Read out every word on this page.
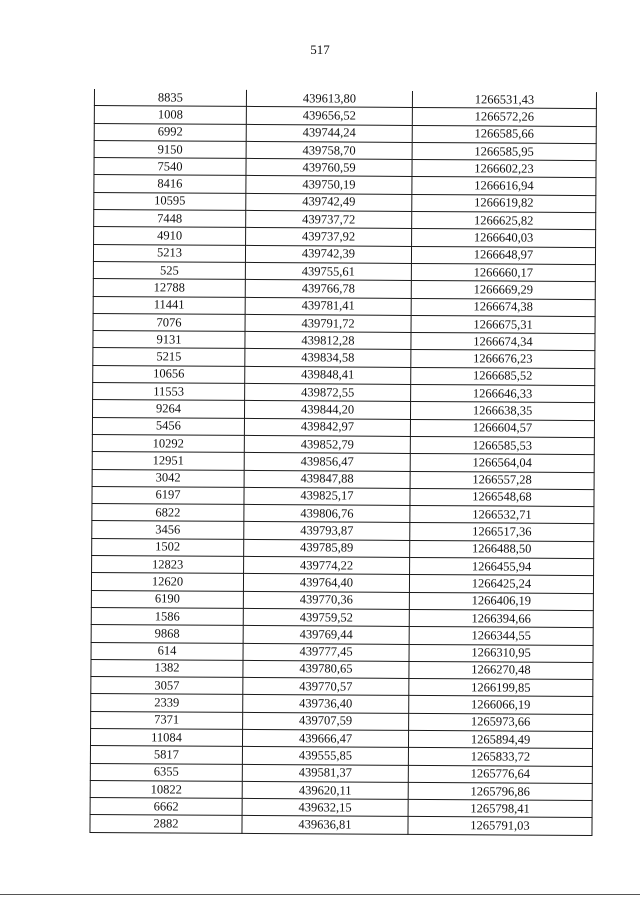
517
8835	439613,80	1266531,43
1008	439656,52	1266572,26
6992	439744,24	1266585,66
9150	439758,70	1266585,95
7540	439760,59	1266602,23
8416	439750,19	1266616,94
10595	439742,49	1266619,82
7448	439737,72	1266625,82
4910	439737,92	1266640,03
5213	439742,39	1266648,97
525	439755,61	1266660,17
12788	439766,78	1266669,29
11441	439781,41	1266674,38
7076	439791,72	1266675,31
9131	439812,28	1266674,34
5215	439834,58	1266676,23
10656	439848,41	1266685,52
11553	439872,55	1266646,33
9264	439844,20	1266638,35
5456	439842,97	1266604,57
10292	439852,79	1266585,53
12951	439856,47	1266564,04
3042	439847,88	1266557,28
6197	439825,17	1266548,68
6822	439806,76	1266532,71
3456	439793,87	1266517,36
1502	439785,89	1266488,50
12823	439774,22	1266455,94
12620	439764,40	1266425,24
6190	439770,36	1266406,19
1586	439759,52	1266394,66
9868	439769,44	1266344,55
614	439777,45	1266310,95
1382	439780,65	1266270,48
3057	439770,57	1266199,85
2339	439736,40	1266066,19
7371	439707,59	1265973,66
11084	439666,47	1265894,49
5817	439555,85	1265833,72
6355	439581,37	1265776,64
10822	439620,11	1265796,86
6662	439632,15	1265798,41
2882	439636,81	1265791,03
